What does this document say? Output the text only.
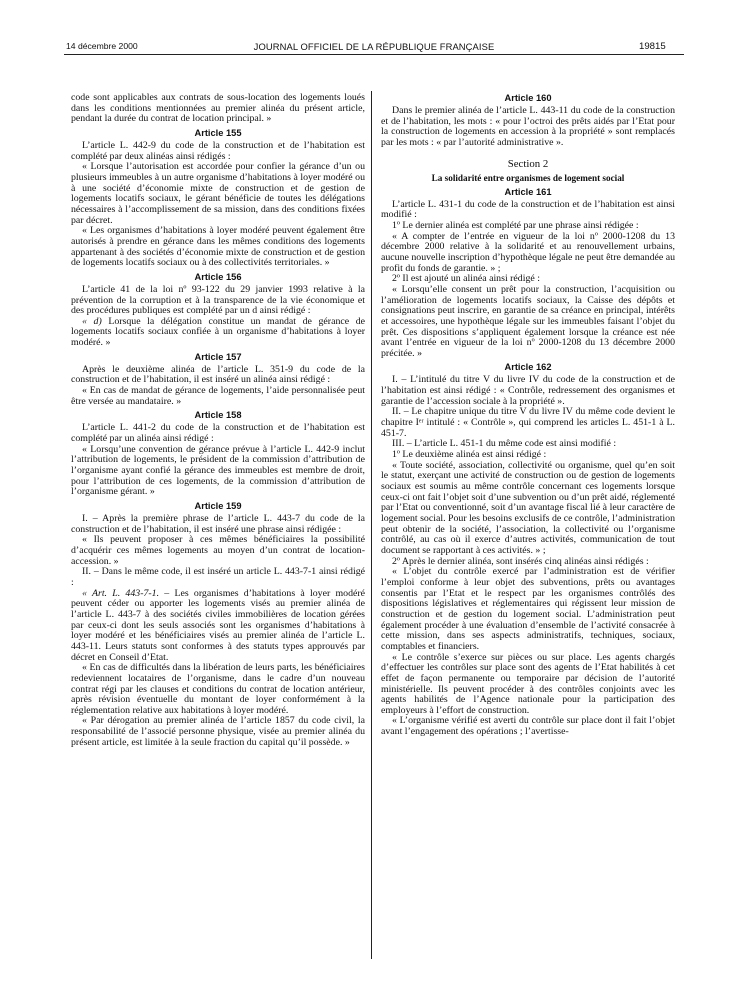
14 décembre 2000	JOURNAL OFFICIEL DE LA RÉPUBLIQUE FRANÇAISE	19815

code sont applicables aux contrats de sous-location des logements loués dans les conditions mentionnées au premier alinéa du présent article, pendant la durée du contrat de location principal. »

Article 155

L’article L. 442-9 du code de la construction et de l’habitation est complété par deux alinéas ainsi rédigés :

« Lorsque l’autorisation est accordée pour confier la gérance d’un ou plusieurs immeubles à un autre organisme d’habitations à loyer modéré ou à une société d’économie mixte de construction et de gestion de logements locatifs sociaux, le gérant bénéficie de toutes les délégations nécessaires à l’accomplissement de sa mission, dans des conditions fixées par décret.

« Les organismes d’habitations à loyer modéré peuvent également être autorisés à prendre en gérance dans les mêmes conditions des logements appartenant à des sociétés d’économie mixte de construction et de gestion de logements locatifs sociaux ou à des collectivités territoriales. »

Article 156

L’article 41 de la loi nº 93-122 du 29 janvier 1993 relative à la prévention de la corruption et à la transparence de la vie économique et des procédures publiques est complété par un d ainsi rédigé :

« d) Lorsque la délégation constitue un mandat de gérance de logements locatifs sociaux confiée à un organisme d’habitations à loyer modéré. »

Article 157

Après le deuxième alinéa de l’article L. 351-9 du code de la construction et de l’habitation, il est inséré un alinéa ainsi rédigé :

« En cas de mandat de gérance de logements, l’aide personnalisée peut être versée au mandataire. »

Article 158

L’article L. 441-2 du code de la construction et de l’habitation est complété par un alinéa ainsi rédigé :

« Lorsqu’une convention de gérance prévue à l’article L. 442-9 inclut l’attribution de logements, le président de la commission d’attribution de l’organisme ayant confié la gérance des immeubles est membre de droit, pour l’attribution de ces logements, de la commission d’attribution de l’organisme gérant. »

Article 159

I. – Après la première phrase de l’article L. 443-7 du code de la construction et de l’habitation, il est inséré une phrase ainsi rédigée :

« Ils peuvent proposer à ces mêmes bénéficiaires la possibilité d’acquérir ces mêmes logements au moyen d’un contrat de location-accession. »

II. – Dans le même code, il est inséré un article L. 443-7-1 ainsi rédigé :

« Art. L. 443-7-1. – Les organismes d’habitations à loyer modéré peuvent céder ou apporter les logements visés au premier alinéa de l’article L. 443-7 à des sociétés civiles immobilières de location gérées par ceux-ci dont les seuls associés sont les organismes d’habitations à loyer modéré et les bénéficiaires visés au premier alinéa de l’article L. 443-11. Leurs statuts sont conformes à des statuts types approuvés par décret en Conseil d’Etat.

« En cas de difficultés dans la libération de leurs parts, les bénéficiaires redeviennent locataires de l’organisme, dans le cadre d’un nouveau contrat régi par les clauses et conditions du contrat de location antérieur, après révision éventuelle du montant de loyer conformément à la réglementation relative aux habitations à loyer modéré.

« Par dérogation au premier alinéa de l’article 1857 du code civil, la responsabilité de l’associé personne physique, visée au premier alinéa du présent article, est limitée à la seule fraction du capital qu’il possède. »

Article 160

Dans le premier alinéa de l’article L. 443-11 du code de la construction et de l’habitation, les mots : « pour l’octroi des prêts aidés par l’Etat pour la construction de logements en accession à la propriété » sont remplacés par les mots : « par l’autorité administrative ».

Section 2
La solidarité entre organismes de logement social
Article 161

L’article L. 431-1 du code de la construction et de l’habitation est ainsi modifié :

1º Le dernier alinéa est complété par une phrase ainsi rédigée :

« A compter de l’entrée en vigueur de la loi nº 2000-1208 du 13 décembre 2000 relative à la solidarité et au renouvellement urbains, aucune nouvelle inscription d’hypothèque légale ne peut être demandée au profit du fonds de garantie. » ;

2º Il est ajouté un alinéa ainsi rédigé :

« Lorsqu’elle consent un prêt pour la construction, l’acquisition ou l’amélioration de logements locatifs sociaux, la Caisse des dépôts et consignations peut inscrire, en garantie de sa créance en principal, intérêts et accessoires, une hypothèque légale sur les immeubles faisant l’objet du prêt. Ces dispositions s’appliquent également lorsque la créance est née avant l’entrée en vigueur de la loi nº 2000-1208 du 13 décembre 2000 précitée. »

Article 162

I. – L’intitulé du titre V du livre IV du code de la construction et de l’habitation est ainsi rédigé : « Contrôle, redressement des organismes et garantie de l’accession sociale à la propriété ».

II. – Le chapitre unique du titre V du livre IV du même code devient le chapitre Iᵉʳ intitulé : « Contrôle », qui comprend les articles L. 451-1 à L. 451-7.

III. – L’article L. 451-1 du même code est ainsi modifié :

1º Le deuxième alinéa est ainsi rédigé :

« Toute société, association, collectivité ou organisme, quel qu’en soit le statut, exerçant une activité de construction ou de gestion de logements sociaux est soumis au même contrôle concernant ces logements lorsque ceux-ci ont fait l’objet soit d’une subvention ou d’un prêt aidé, réglementé par l’Etat ou conventionné, soit d’un avantage fiscal lié à leur caractère de logement social. Pour les besoins exclusifs de ce contrôle, l’administration peut obtenir de la société, l’association, la collectivité ou l’organisme contrôlé, au cas où il exerce d’autres activités, communication de tout document se rapportant à ces activités. » ;

2º Après le dernier alinéa, sont insérés cinq alinéas ainsi rédigés :

« L’objet du contrôle exercé par l’administration est de vérifier l’emploi conforme à leur objet des subventions, prêts ou avantages consentis par l’Etat et le respect par les organismes contrôlés des dispositions législatives et réglementaires qui régissent leur mission de construction et de gestion du logement social. L’administration peut également procéder à une évaluation d’ensemble de l’activité consacrée à cette mission, dans ses aspects administratifs, techniques, sociaux, comptables et financiers.

« Le contrôle s’exerce sur pièces ou sur place. Les agents chargés d’effectuer les contrôles sur place sont des agents de l’Etat habilités à cet effet de façon permanente ou temporaire par décision de l’autorité ministérielle. Ils peuvent procéder à des contrôles conjoints avec les agents habilités de l’Agence nationale pour la participation des employeurs à l’effort de construction.

« L’organisme vérifié est averti du contrôle sur place dont il fait l’objet avant l’engagement des opérations ; l’avertisse-
